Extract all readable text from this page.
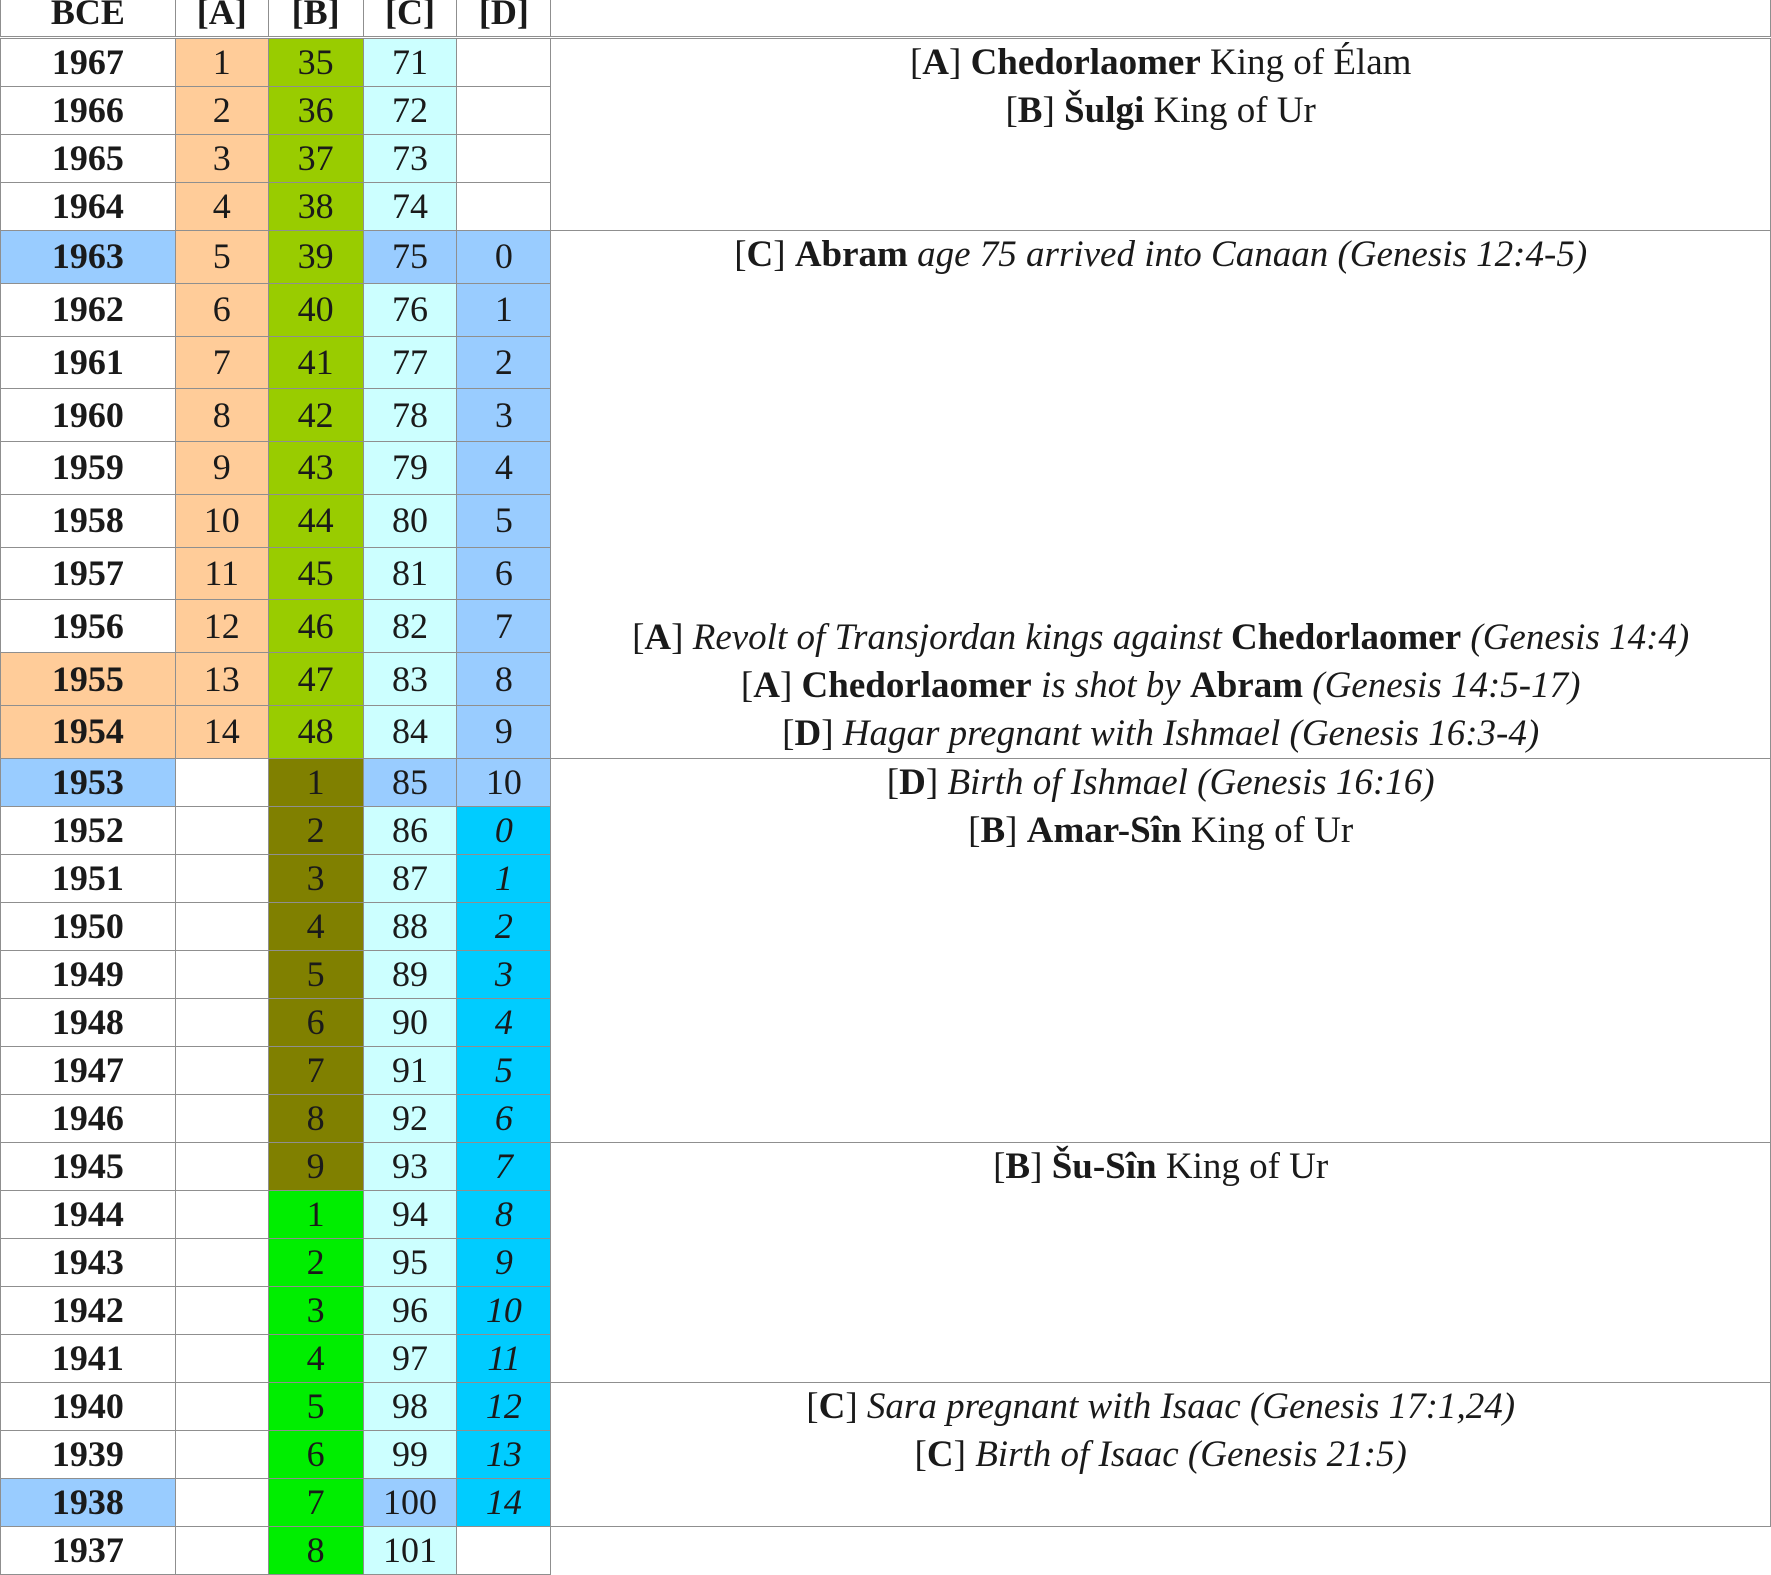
BCE	[A]	[B]	[C]	[D]	
1967	1	35	71		[A] Chedorlaomer King of Élam
[B] Šulgi King of Ur

1966	2	36	72		
1965	3	37	73		
1964	4	38	74		
1963	5	39	75	0	[C] Abram age 75 arrived into Canaan (Genesis 12:4-5)
[A] Revolt of Transjordan kings against Chedorlaomer (Genesis 14:4)
[A] Chedorlaomer is shot by Abram (Genesis 14:5-17)
[D] Hagar pregnant with Ishmael (Genesis 16:3-4)

1962	6	40	76	1	
1961	7	41	77	2	
1960	8	42	78	3	
1959	9	43	79	4	
1958	10	44	80	5	
1957	11	45	81	6	
1956	12	46	82	7	
1955	13	47	83	8	
1954	14	48	84	9	
1953		1	85	10	[D] Birth of Ishmael (Genesis 16:16)
[B] Amar-Sîn King of Ur

1952		2	86	0	
1951		3	87	1	
1950		4	88	2	
1949		5	89	3	
1948		6	90	4	
1947		7	91	5	
1946		8	92	6	
1945		9	93	7	[B] Šu-Sîn King of Ur

1944		1	94	8	
1943		2	95	9	
1942		3	96	10	
1941		4	97	11	
1940		5	98	12	[C] Sara pregnant with Isaac (Genesis 17:1,24)
[C] Birth of Isaac (Genesis 21:5)

1939		6	99	13	
1938		7	100	14	
1937		8	101		
